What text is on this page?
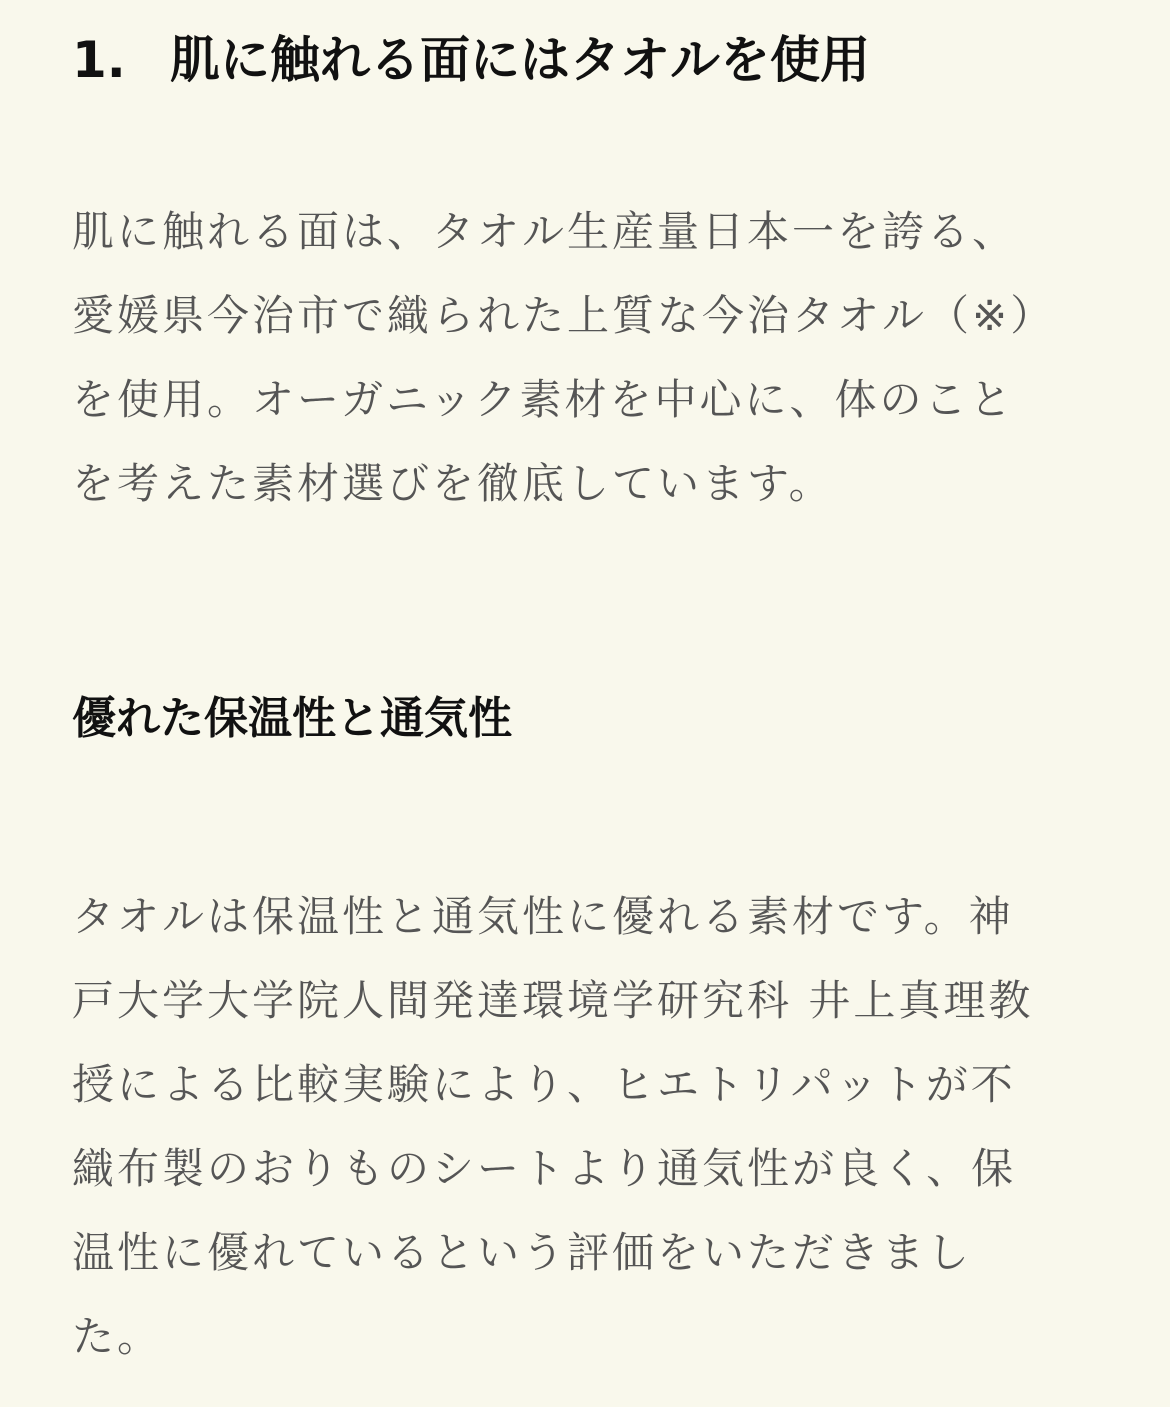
1. 肌に触れる面にはタオルを使用

肌に触れる面は、タオル生産量日本一を誇る、
愛媛県今治市で織られた上質な今治タオル（※）
を使用。オーガニック素材を中心に、体のこと
を考えた素材選びを徹底しています。

優れた保温性と通気性

タオルは保温性と通気性に優れる素材です。神
戸大学大学院人間発達環境学研究科 井上真理教
授による比較実験により、ヒエトリパットが不
織布製のおりものシートより通気性が良く、保
温性に優れているという評価をいただきまし
た。
